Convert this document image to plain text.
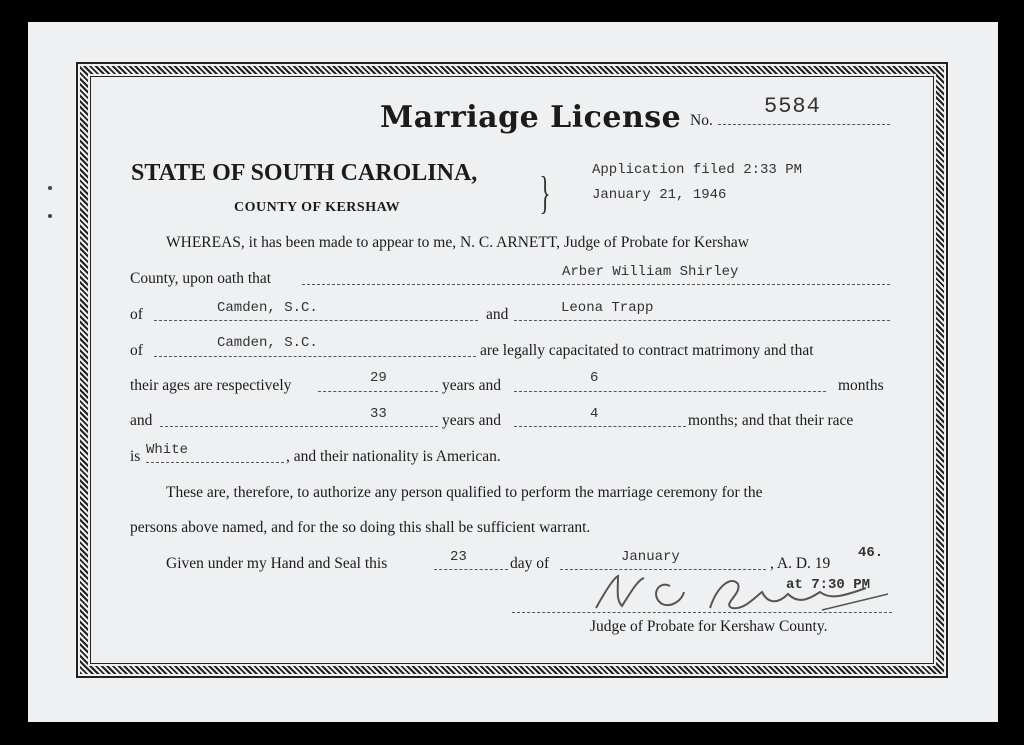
Marriage License No.
5584
STATE OF SOUTH CAROLINA,
COUNTY OF KERSHAW	}	Application filed 2:33 PM
January 21, 1946
WHEREAS, it has been made to appear to me, N. C. ARNETT, Judge of Probate for Kershaw
County, upon oath that	Arber William Shirley
of	Camden, S.C.	and	Leona Trapp
of	Camden, S.C.	are legally capacitated to contract matrimony and that
their ages are respectively	29	years and	6	months
and	33	years and	4	months; and that their race
is White	, and their nationality is American.
These are, therefore, to authorize any person qualified to perform the marriage ceremony for the
persons above named, and for the so doing this shall be sufficient warrant.
Given under my Hand and Seal this	23	day of	January	, A. D. 19
46.
at 7:30 PM
Judge of Probate for Kershaw County.
